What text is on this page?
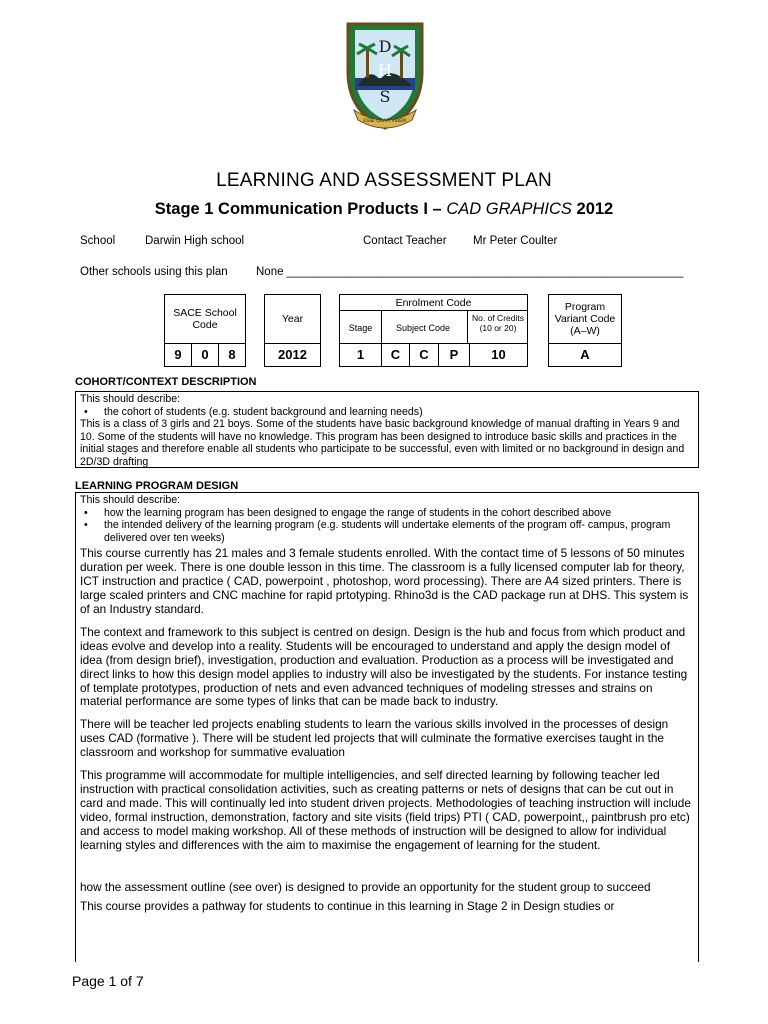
D
H
S
ESSE QUAM VIDERI
LEARNING AND ASSESSMENT PLAN
Stage 1 Communication Products I – CAD GRAPHICS 2012
School	Darwin High school	Contact Teacher Mr Peter Coulter
Other schools using this plan None ______________________________________________________________
SACE School Code
9	0	8
Year
2012
Enrolment Code
Stage	Subject Code
No. of Credits (10 or 20)
1	C	C	P	10
Program Variant Code (A–W)
A
COHORT/CONTEXT DESCRIPTION
This should describe:
• the cohort of students (e.g. student background and learning needs)
This is a class of 3 girls and 21 boys. Some of the students have basic background knowledge of manual drafting in Years 9 and 10. Some of the students will have no knowledge. This program has been designed to introduce basic skills and practices in the initial stages and therefore enable all students who participate to be successful, even with limited or no background in design and 2D/3D drafting
LEARNING PROGRAM DESIGN
This should describe:
• how the learning program has been designed to engage the range of students in the cohort described above
• the intended delivery of the learning program (e.g. students will undertake elements of the program off- campus, program delivered over ten weeks)

This course currently has 21 males and 3 female students enrolled. With the contact time of 5 lessons of 50 minutes duration per week. There is one double lesson in this time. The classroom is a fully licensed computer lab for theory, ICT instruction and practice ( CAD, powerpoint , photoshop, word processing). There are A4 sized printers. There is large scaled printers and CNC machine for rapid prtotyping. Rhino3d is the CAD package run at DHS. This system is of an Industry standard.

The context and framework to this subject is centred on design. Design is the hub and focus from which product and ideas evolve and develop into a reality. Students will be encouraged to understand and apply the design model of idea (from design brief), investigation, production and evaluation. Production as a process will be investigated and direct links to how this design model applies to industry will also be investigated by the students. For instance testing of template prototypes, production of nets and even advanced techniques of modeling stresses and strains on material performance are some types of links that can be made back to industry.

There will be teacher led projects enabling students to learn the various skills involved in the processes of design uses CAD (formative ). There will be student led projects that will culminate the formative exercises taught in the classroom and workshop for summative evaluation

This programme will accommodate for multiple intelligencies, and self directed learning by following teacher led instruction with practical consolidation activities, such as creating patterns or nets of designs that can be cut out in card and made. This will continually led into student driven projects. Methodologies of teaching instruction will include video, formal instruction, demonstration, factory and site visits (field trips) PTI ( CAD, powerpoint,, paintbrush pro etc) and access to model making workshop. All of these methods of instruction will be designed to allow for individual learning styles and differences with the aim to maximise the engagement of learning for the student.

how the assessment outline (see over) is designed to provide an opportunity for the student group to succeed

This course provides a pathway for students to continue in this learning in Stage 2 in Design studies or

Page 1 of 7
